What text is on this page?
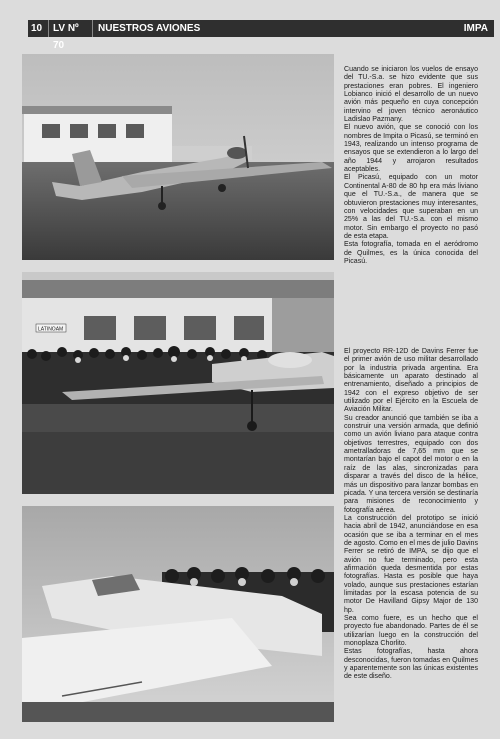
10	LV Nº 70
NUESTROS AVIONES	IMPA

Cuando se iniciaron los vuelos de ensayo del TU.-S.a. se hizo evidente que sus prestaciones eran pobres. El ingeniero Lobianco inició el desarrollo de un nuevo avión más pequeño en cuya concepción intervino el joven técnico aeronáutico Ladislao Pazmany.

El nuevo avión, que se conoció con los nombres de Impita o Picasú, se terminó en 1943, realizando un intenso programa de ensayos que se extendieron a lo largo del año 1944 y arrojaron resultados aceptables.

El Picasú, equipado con un motor Continental A-80 de 80 hp era más liviano que el TU.-S.a., de manera que se obtuvieron prestaciones muy interesantes, con velocidades que superaban en un 25% a las del TU.-S.a. con el mismo motor. Sin embargo el proyecto no pasó de esta etapa.

Esta fotografía, tomada en el aeródromo de Quilmes, es la única conocida del Picasú.

LATINOAM

El proyecto RR-12D de Davins Ferrer fue el primer avión de uso militar desarrollado por la industria privada argentina. Era básicamente un aparato destinado al entrenamiento, diseñado a principios de 1942 con el expreso objetivo de ser utilizado por el Ejército en la Escuela de Aviación Militar.

Su creador anunció que también se iba a construir una versión armada, que definió como un avión liviano para ataque contra objetivos terrestres, equipado con dos ametralladoras de 7,65 mm que se montarían bajo el capot del motor o en la raíz de las alas, sincronizadas para disparar a través del disco de la hélice, más un dispositivo para lanzar bombas en picada. Y una tercera versión se destinaría para misiones de reconocimiento y fotografía aérea.

La construcción del prototipo se inició hacia abril de 1942, anunciándose en esa ocasión que se iba a terminar en el mes de agosto. Como en el mes de julio Davins Ferrer se retiró de IMPA, se dijo que el avión no fue terminado, pero esta afirmación queda desmentida por estas fotografías. Hasta es posible que haya volado, aunque sus prestaciones estarían limitadas por la escasa potencia de su motor De Havilland Gipsy Major de 130 hp.

Sea como fuere, es un hecho que el proyecto fue abandonado. Partes de él se utilizarían luego en la construcción del monoplaza Chorlito.

Estas fotografías, hasta ahora desconocidas, fueron tomadas en Quilmes y aparentemente son las únicas existentes de este diseño.
